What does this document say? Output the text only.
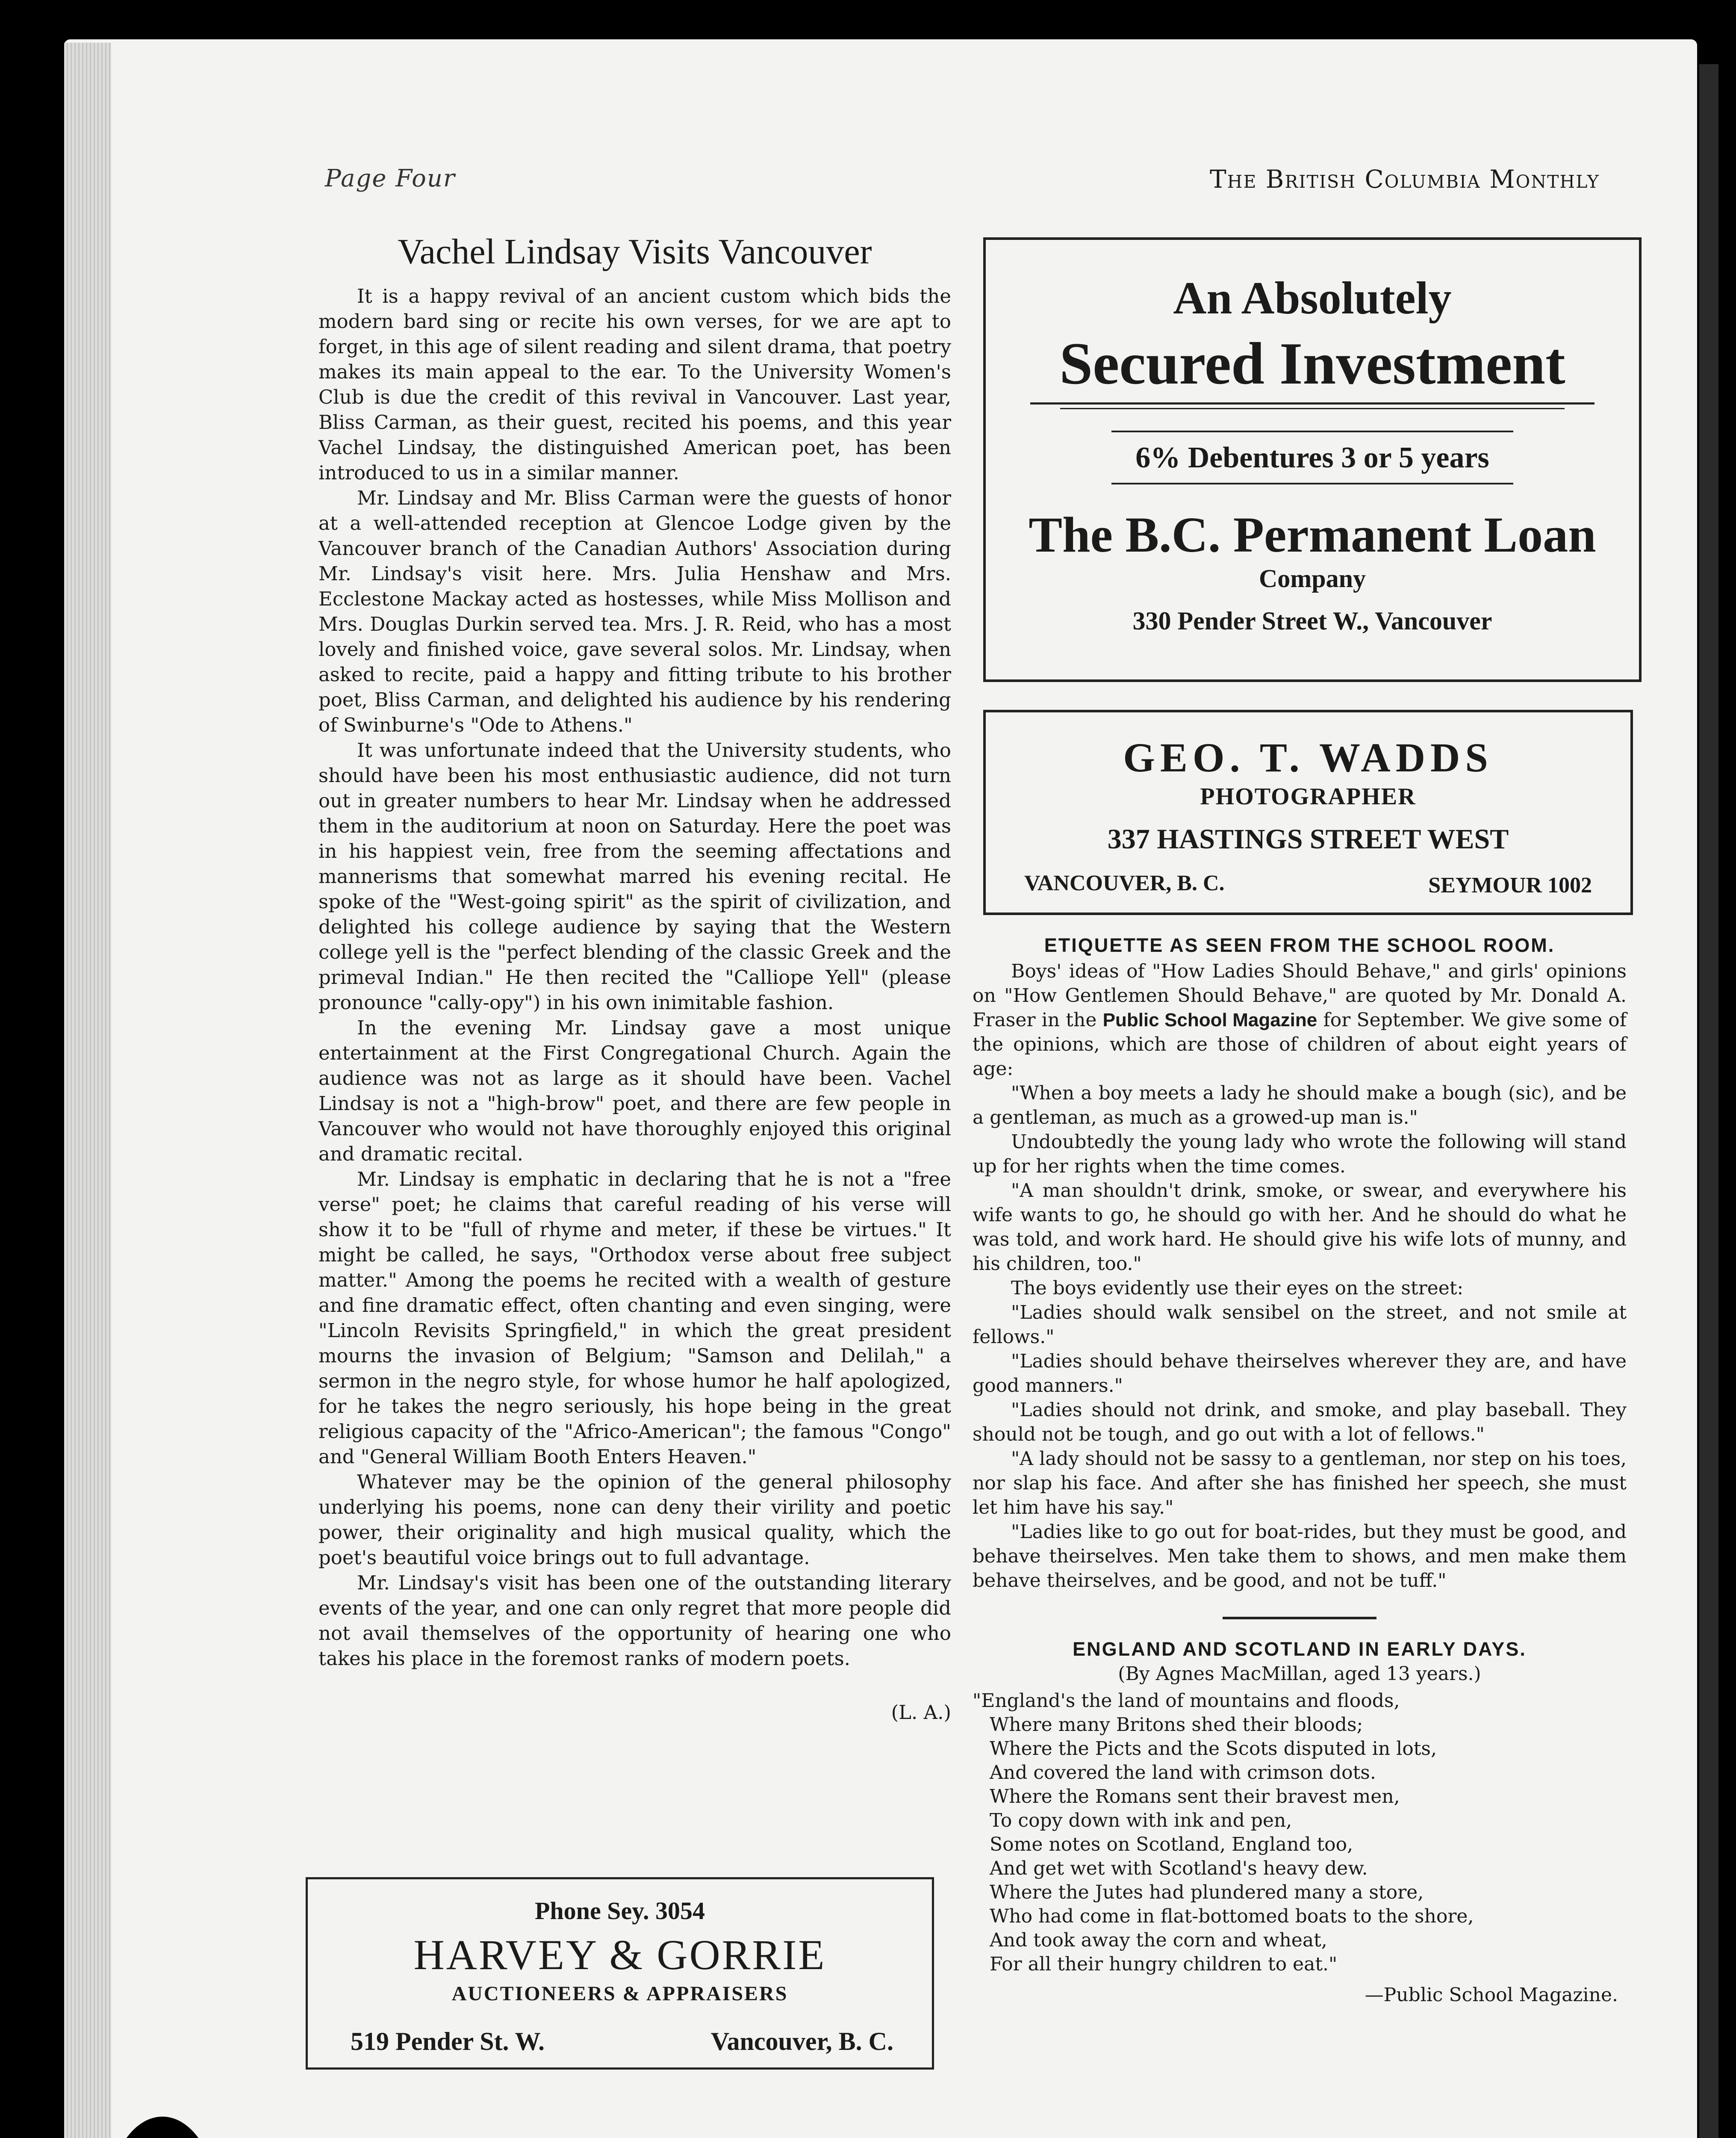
Page Four	The British Columbia Monthly
Vachel Lindsay Visits Vancouver

It is a happy revival of an ancient custom which bids the modern bard sing or recite his own verses, for we are apt to forget, in this age of silent reading and silent drama, that poetry makes its main appeal to the ear. To the University Women's Club is due the credit of this revival in Vancouver. Last year, Bliss Carman, as their guest, recited his poems, and this year Vachel Lindsay, the distinguished American poet, has been introduced to us in a similar manner.

Mr. Lindsay and Mr. Bliss Carman were the guests of honor at a well-attended reception at Glencoe Lodge given by the Vancouver branch of the Canadian Authors' Association during Mr. Lindsay's visit here. Mrs. Julia Henshaw and Mrs. Ecclestone Mackay acted as hostesses, while Miss Mollison and Mrs. Douglas Durkin served tea. Mrs. J. R. Reid, who has a most lovely and finished voice, gave several solos. Mr. Lindsay, when asked to recite, paid a happy and fitting tribute to his brother poet, Bliss Carman, and delighted his audience by his rendering of Swinburne's "Ode to Athens."

It was unfortunate indeed that the University students, who should have been his most enthusiastic audience, did not turn out in greater numbers to hear Mr. Lindsay when he addressed them in the auditorium at noon on Saturday. Here the poet was in his happiest vein, free from the seeming affectations and mannerisms that somewhat marred his evening recital. He spoke of the "West-going spirit" as the spirit of civilization, and delighted his college audience by saying that the Western college yell is the "perfect blending of the classic Greek and the primeval Indian." He then recited the "Calliope Yell" (please pronounce "cally-opy") in his own inimitable fashion.

In the evening Mr. Lindsay gave a most unique entertainment at the First Congregational Church. Again the audience was not as large as it should have been. Vachel Lindsay is not a "high-brow" poet, and there are few people in Vancouver who would not have thoroughly enjoyed this original and dramatic recital.

Mr. Lindsay is emphatic in declaring that he is not a "free verse" poet; he claims that careful reading of his verse will show it to be "full of rhyme and meter, if these be virtues." It might be called, he says, "Orthodox verse about free subject matter." Among the poems he recited with a wealth of gesture and fine dramatic effect, often chanting and even singing, were "Lincoln Revisits Springfield," in which the great president mourns the invasion of Belgium; "Samson and Delilah," a sermon in the negro style, for whose humor he half apologized, for he takes the negro seriously, his hope being in the great religious capacity of the "Africo-American"; the famous "Congo" and "General William Booth Enters Heaven."

Whatever may be the opinion of the general philosophy underlying his poems, none can deny their virility and poetic power, their originality and high musical quality, which the poet's beautiful voice brings out to full advantage.

Mr. Lindsay's visit has been one of the outstanding literary events of the year, and one can only regret that more people did not avail themselves of the opportunity of hearing one who takes his place in the foremost ranks of modern poets.

(L. A.)
Phone Sey. 3054
HARVEY & GORRIE
AUCTIONEERS & APPRAISERS
519 Pender St. W.	Vancouver, B. C.
An Absolutely
Secured Investment
6% Debentures 3 or 5 years
The B.C. Permanent Loan
Company
330 Pender Street W., Vancouver
GEO. T. WADDS
PHOTOGRAPHER
337 HASTINGS STREET WEST
VANCOUVER, B. C.	SEYMOUR 1002
ETIQUETTE AS SEEN FROM THE SCHOOL ROOM.

Boys' ideas of "How Ladies Should Behave," and girls' opinions on "How Gentlemen Should Behave," are quoted by Mr. Donald A. Fraser in the Public School Magazine for September. We give some of the opinions, which are those of children of about eight years of age:

"When a boy meets a lady he should make a bough (sic), and be a gentleman, as much as a growed-up man is."

Undoubtedly the young lady who wrote the following will stand up for her rights when the time comes.

"A man shouldn't drink, smoke, or swear, and everywhere his wife wants to go, he should go with her. And he should do what he was told, and work hard. He should give his wife lots of munny, and his children, too."

The boys evidently use their eyes on the street:

"Ladies should walk sensibel on the street, and not smile at fellows."

"Ladies should behave theirselves wherever they are, and have good manners."

"Ladies should not drink, and smoke, and play baseball. They should not be tough, and go out with a lot of fellows."

"A lady should not be sassy to a gentleman, nor step on his toes, nor slap his face. And after she has finished her speech, she must let him have his say."

"Ladies like to go out for boat-rides, but they must be good, and behave theirselves. Men take them to shows, and men make them behave theirselves, and be good, and not be tuff."

ENGLAND AND SCOTLAND IN EARLY DAYS.
(By Agnes MacMillan, aged 13 years.)

"England's the land of mountains and floods,

Where many Britons shed their bloods;

Where the Picts and the Scots disputed in lots,

And covered the land with crimson dots.

Where the Romans sent their bravest men,

To copy down with ink and pen,

Some notes on Scotland, England too,

And get wet with Scotland's heavy dew.

Where the Jutes had plundered many a store,

Who had come in flat-bottomed boats to the shore,

And took away the corn and wheat,

For all their hungry children to eat."

—Public School Magazine.
